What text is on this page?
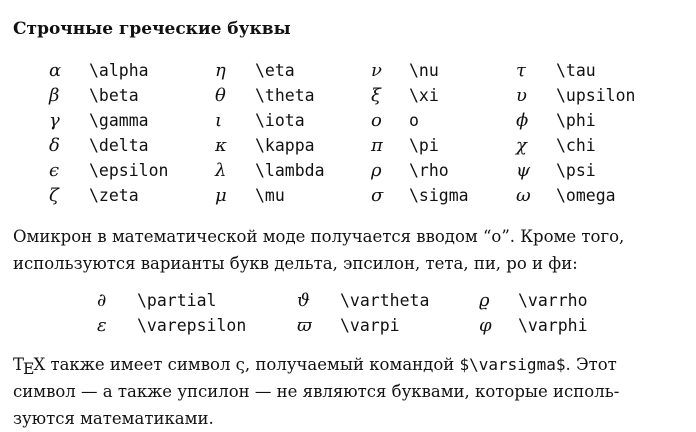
Строчные греческие буквы
α \alpha	η \eta	ν \nu	τ \tau
β \beta	θ \theta	ξ \xi	υ \upsilon
γ \gamma	ι \iota	o o	ϕ \phi
δ \delta	κ \kappa	π \pi	χ \chi
ϵ \epsilon	λ \lambda	ρ \rho	ψ \psi
ζ \zeta	μ \mu	σ \sigma	ω \omega

Омикрон в математической моде получается вводом “o”. Кроме того,
используются варианты букв дельта, эпсилон, тета, пи, ро и фи:

∂ \partial	ϑ \vartheta	ϱ \varrho
ε \varepsilon	ϖ \varpi	φ \varphi

TEX также имеет символ ς, получаемый командой $\varsigma$. Этот
символ — а также упсилон — не являются буквами, которые исполь-
зуются математиками.
